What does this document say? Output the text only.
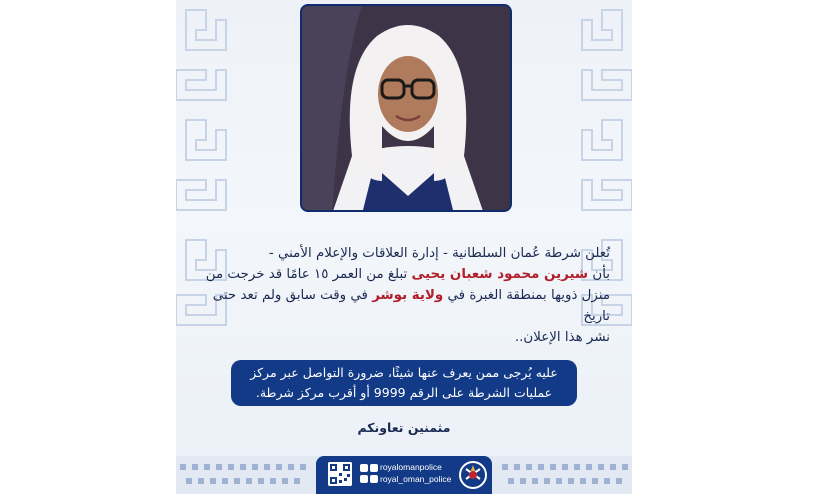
تُعلن شرطة عُمان السلطانية - إدارة العلاقات والإعلام الأمني -
بأن شيرين محمود شعبان يحيى تبلغ من العمر ١٥ عامًا قد خرجت من
منزل ذويها بمنطقة الغبرة في ولاية بوشر في وقت سابق ولم تعد حتى تاريخ
نشر هذا الإعلان..
عليه يُرجى ممن يعرف عنها شيئًا، ضرورة التواصل عبر مركز
عمليات الشرطة على الرقم 9999 أو أقرب مركز شرطة.
مثمنين تعاونكم
royalomanpolice
royal_oman_police
